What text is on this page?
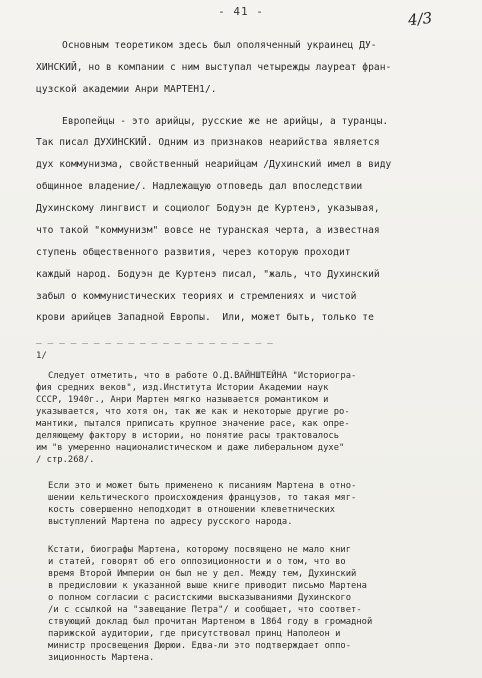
- 41 -	4/3
Основным теоретиком здесь был ополяченный украинец ДУ-
ХИНСКИЙ, но в компании с ним выступал четырежды лауреат фран-
цузской академии Анри МАРТЕН1/.
Европейцы - это арийцы, русские же не арийцы, а туранцы.
Так писал ДУХИНСКИЙ. Одним из признаков неарийства является
дух коммунизма, свойственный неарийцам /Духинский имел в виду
общинное владение/. Надлежащую отповедь дал впоследствии
Духинскому лингвист и социолог Бодуэн де Куртенэ, указывая,
что такой "коммунизм" вовсе не туранская черта, а известная
ступень общественного развития, через которую проходит
каждый народ. Бодуэн де Куртенэ писал, "жаль, что Духинский
забыл о коммунистических теориях и стремлениях и чистой
крови арийцев Западной Европы.  Или, может быть, только те
_ _ _ _ _ _ _ _ _ _ _ _ _ _ _ _ _ _ _ _ _
1/
Следует отметить, что в работе О.Д.ВАЙНШТЕЙНА "Историогра-
фия средних веков", изд.Института Истории Академии наук
СССР, 1940г., Анри Мартен мягко называется романтиком и
указывается, что хотя он, так же как и некоторые другие ро-
мантики, пытался приписать крупное значение расе, как опре-
деляющему фактору в истории, но понятие расы трактовалось
им "в умеренно националистическом и даже либеральном духе"
/ стр.268/.
Если это и может быть применено к писаниям Мартена в отно-
шении кельтического происхождения французов, то такая мяг-
кость совершенно неподходит в отношении клеветнических
выступлений Мартена по адресу русского народа.
Кстати, биографы Мартена, которому посвящено не мало книг
и статей, говорят об его оппозиционности и о том, что во
время Второй Империи он был не у дел. Между тем, Духинский
в предисловии к указанной выше книге приводит письмо Мартена
о полном согласии с расистскими высказываниями Духинского
/и с ссылкой на "завещание Петра"/ и сообщает, что соответ-
ствующий доклад был прочитан Мартеном в 1864 году в громадной
парижской аудитории, где присутствовал принц Наполеон и
министр просвещения Дюрюи. Едва-ли это подтверждает оппо-
зиционность Мартена.
